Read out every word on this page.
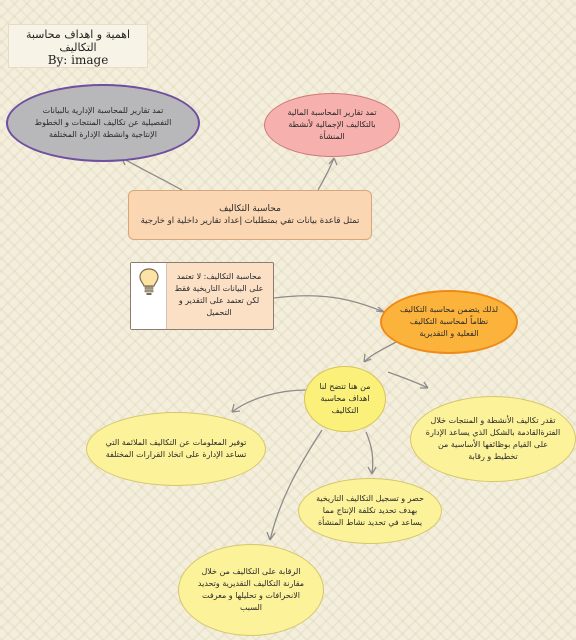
اهمية و اهداف محاسبة التكاليف
By: image
تمد تقارير للمحاسبة الإدارية بالبيانات التفصيلية عن تكاليف المنتجات و الخطوط الإنتاجية وانشطة الإدارة المختلفة
تمد تقارير المحاسبة المالية بالتكاليف الإجمالية لأنشطة المنشأة
محاسبة التكاليف
تمثل قاعدة بيانات تفي بمتطلبات إعداد تقارير داخلية او خارجية
محاسبة التكاليف: لا تعتمد على البيانات التاريخية فقط لكن تعتمد على التقدير و التحميل	لذلك يتضمن محاسبة التكاليف نظاماً لمحاسبة التكاليف الفعلية و التقديرية
من هنا تتضح لنا اهداف محاسبة التكاليف
توفير المعلومات عن التكاليف الملائمة التي تساعد الإدارة على اتخاذ القرارات المختلفة
تقدر تكاليف الأنشطة و المنتجات خلال الفترةالقادمة بالشكل الذي يساعد الإدارة على القيام بوظائفها الأساسية من تخطيط و رقابة
حصر و تسجيل التكاليف التاريخية بهدف تحديد تكلفة الإنتاج مما يساعد في تحديد نشاط المنشأة
الرقابة على التكاليف من خلال مقارنة التكاليف التقديرية وتحديد الانحرافات و تحليلها و معرفت السبب
